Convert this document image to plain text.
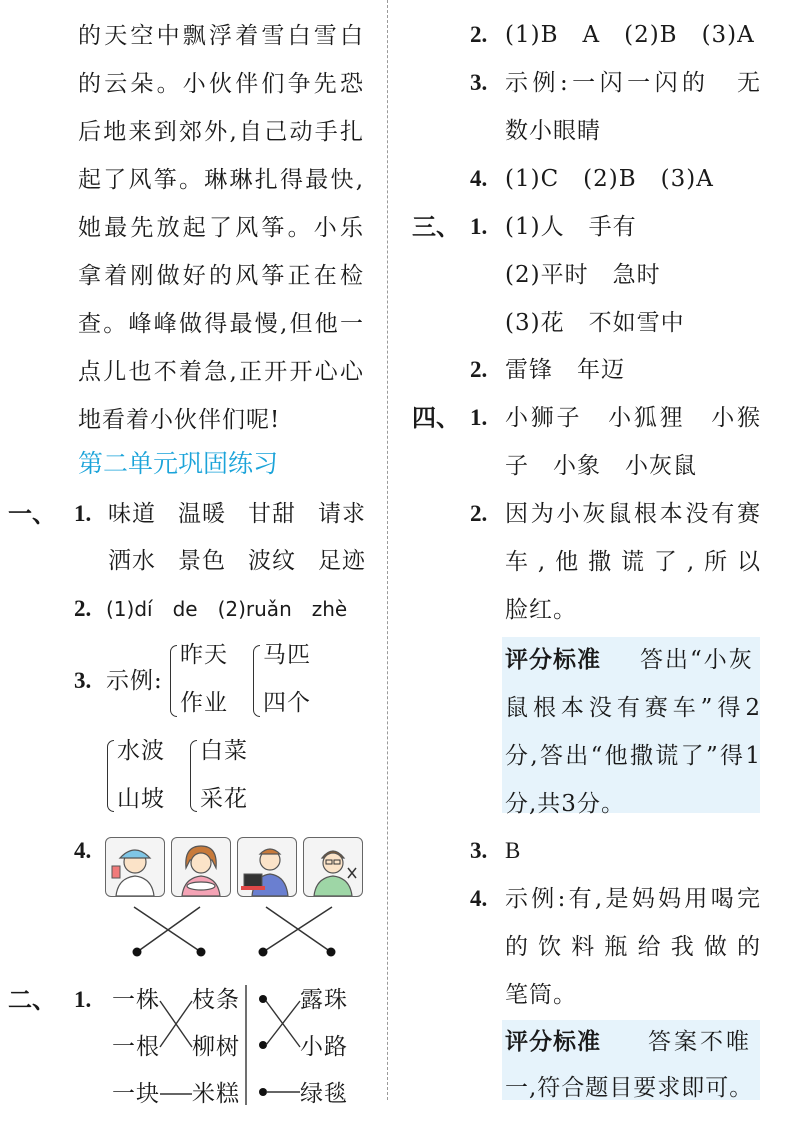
的天空中飘浮着雪白雪白
的云朵。小伙伴们争先恐
后地来到郊外,自己动手扎
起了风筝。琳琳扎得最快,
她最先放起了风筝。小乐
拿着刚做好的风筝正在检
查。峰峰做得最慢,但他一
点儿也不着急,正开开心心
地看着小伙伴们呢!
第二单元巩固练习
一、 1. 味道 温暖 甘甜 请求
洒水 景色 波纹 足迹
2. (1)dí　de　(2)ruǎn　zhè
3. 示例:
昨天
作业
马匹
四个
水波
山坡
白菜
采花
4.
二、 1. 一株
一根
一块
枝条
柳树
米糕
露珠
小路
绿毯
2. (1)B　A　(2)B　(3)A
3. 示例:一闪一闪的　无
数小眼睛
4. (1)C　(2)B　(3)A
三、 1. (1)人　手有
(2)平时　急时
(3)花　不如雪中
2. 雷锋　年迈
四、 1. 小狮子　小狐狸　小猴
子　小象　小灰鼠
2. 因为小灰鼠根本没有赛
车,他撒谎了,所以
脸红。
评分标准 答出“小灰
鼠根本没有赛车”得2
分,答出“他撒谎了”得1
分,共3分。
3. B
4. 示例:有,是妈妈用喝完
的饮料瓶给我做的
笔筒。
评分标准 答案不唯
一,符合题目要求即可。
